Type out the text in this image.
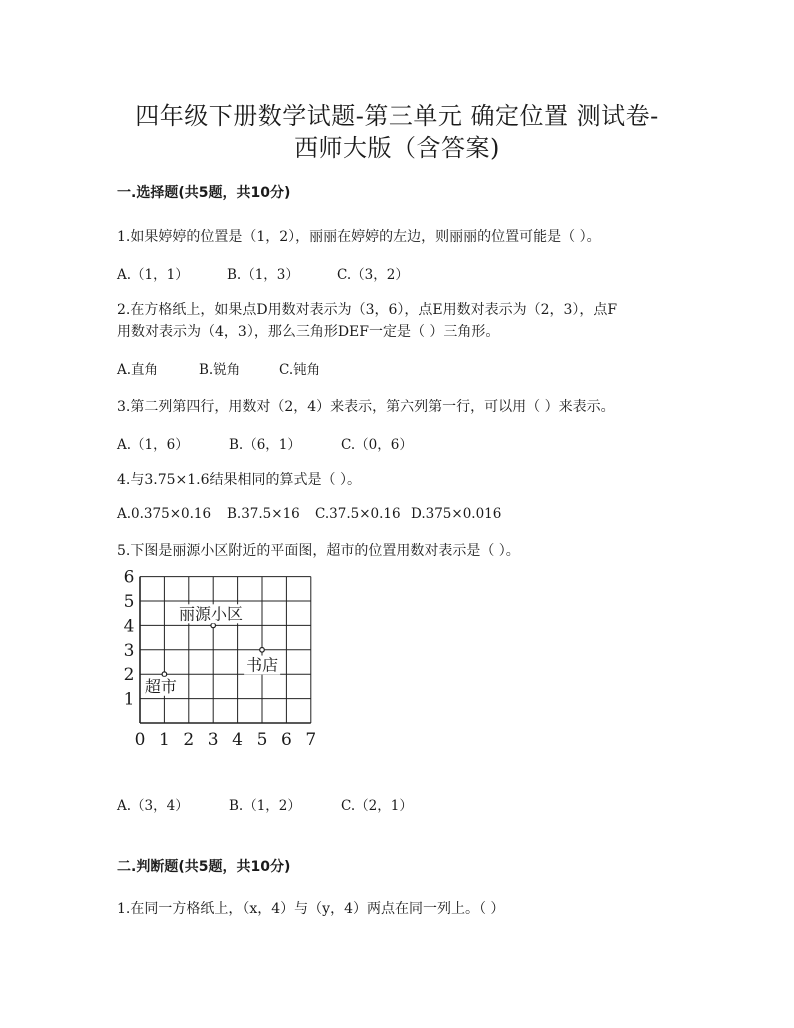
四年级下册数学试题-第三单元 确定位置 测试卷-
西师大版（含答案)
一.选择题(共5题，共10分)
1.如果婷婷的位置是（1，2），丽丽在婷婷的左边，则丽丽的位置可能是（ ）。
A.（1，1）	B.（1，3）	C.（3，2）
2.在方格纸上，如果点D用数对表示为（3，6），点E用数对表示为（2，3），点F
用数对表示为（4，3），那么三角形DEF一定是（ ）三角形。
A.直角	B.锐角	C.钝角
3.第二列第四行，用数对（2，4）来表示，第六列第一行，可以用（ ）来表示。
A.（1，6）	B.（6，1）	C.（0，6）
4.与3.75×1.6结果相同的算式是（ ）。
A.0.375×0.16 B.37.5×16 C.37.5×0.16 D.375×0.016
5.下图是丽源小区附近的平面图，超市的位置用数对表示是（ ）。
0 1 2 3 4 5 6 7
1
2
3
4
5
6
丽源小区
书店
超市
A.（3，4）	B.（1，2）	C.（2，1）
二.判断题(共5题，共10分)
1.在同一方格纸上，（x，4）与（y，4）两点在同一列上。（ ）
